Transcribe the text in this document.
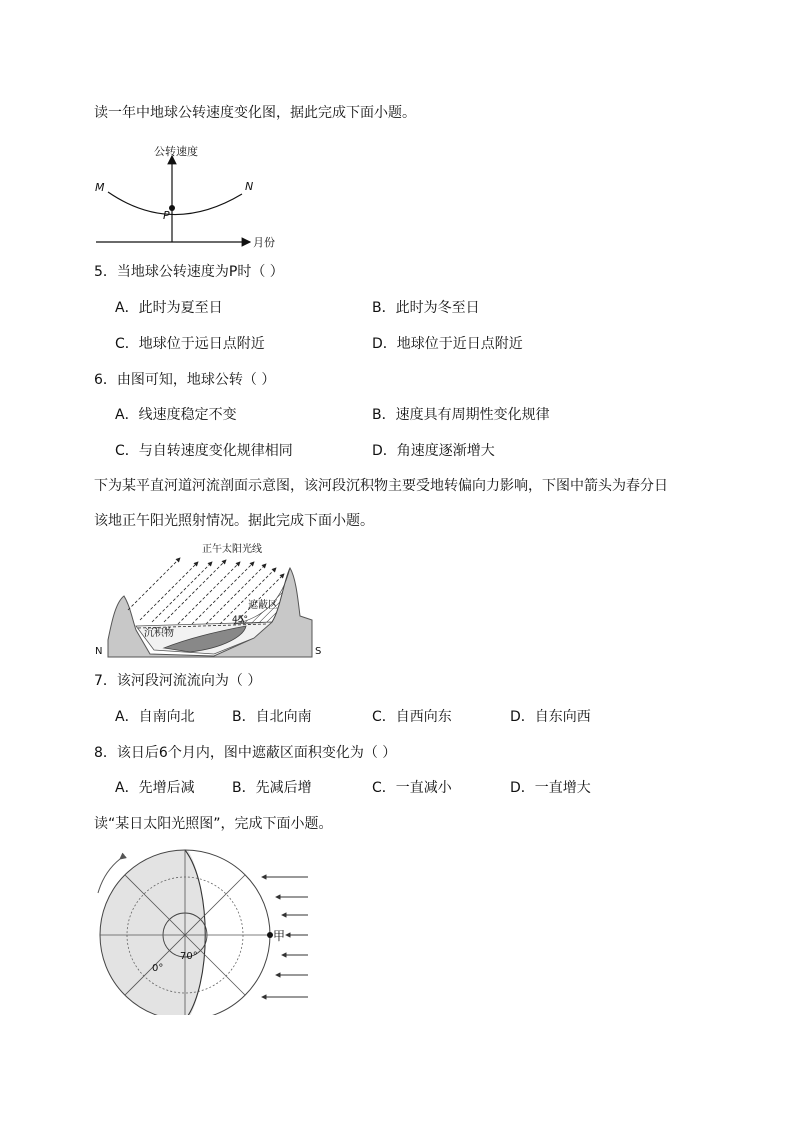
读一年中地球公转速度变化图，据此完成下面小题。
公转速度
月份
M	N
P
5．当地球公转速度为P时（ ）
A．此时为夏至日	B．此时为冬至日
C．地球位于远日点附近	D．地球位于近日点附近
6．由图可知，地球公转（ ）
A．线速度稳定不变	B．速度具有周期性变化规律
C．与自转速度变化规律相同	D．角速度逐渐增大
下为某平直河道河流剖面示意图，该河段沉积物主要受地转偏向力影响，下图中箭头为春分日
该地正午阳光照射情况。据此完成下面小题。
正午太阳光线
遮蔽区
45°
沉积物
N	S
7．该河段河流流向为（ ）
A．自南向北	B．自北向南	C．自西向东	D．自东向西
8．该日后6个月内，图中遮蔽区面积变化为（ ）
A．先增后减	B．先减后增	C．一直减小	D．一直增大
读“某日太阳光照图”，完成下面小题。
甲
70°
0°
